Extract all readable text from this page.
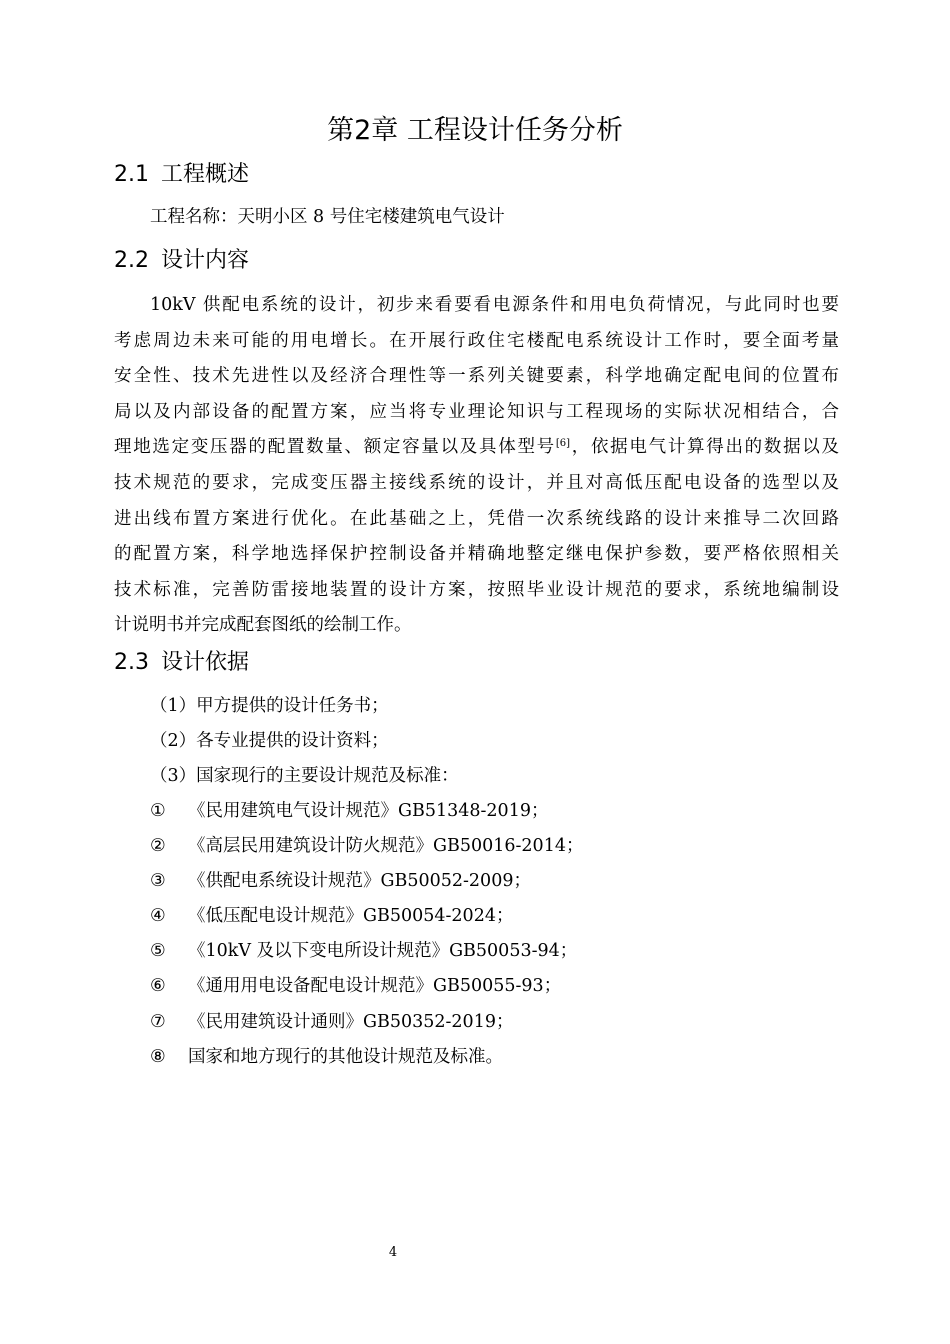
第2章 工程设计任务分析
2.1 工程概述
工程名称：天明小区 8 号住宅楼建筑电气设计
2.2 设计内容

10kV 供配电系统的设计，初步来看要看电源条件和用电负荷情况，与此同时也要
考虑周边未来可能的用电增长。在开展行政住宅楼配电系统设计工作时，要全面考量
安全性、技术先进性以及经济合理性等一系列关键要素，科学地确定配电间的位置布
局以及内部设备的配置方案，应当将专业理论知识与工程现场的实际状况相结合，合
理地选定变压器的配置数量、额定容量以及具体型号[6]，依据电气计算得出的数据以及
技术规范的要求，完成变压器主接线系统的设计，并且对高低压配电设备的选型以及
进出线布置方案进行优化。在此基础之上，凭借一次系统线路的设计来推导二次回路
的配置方案，科学地选择保护控制设备并精确地整定继电保护参数，要严格依照相关
技术标准，完善防雷接地装置的设计方案，按照毕业设计规范的要求，系统地编制设
计说明书并完成配套图纸的绘制工作。

2.3 设计依据
（1）甲方提供的设计任务书；
（2）各专业提供的设计资料；
（3）国家现行的主要设计规范及标准：
① 《民用建筑电气设计规范》GB51348-2019；
② 《高层民用建筑设计防火规范》GB50016-2014；
③ 《供配电系统设计规范》GB50052-2009；
④ 《低压配电设计规范》GB50054-2024；
⑤ 《10kV 及以下变电所设计规范》GB50053-94；
⑥ 《通用用电设备配电设计规范》GB50055-93；
⑦ 《民用建筑设计通则》GB50352-2019；
⑧ 国家和地方现行的其他设计规范及标准。
4
